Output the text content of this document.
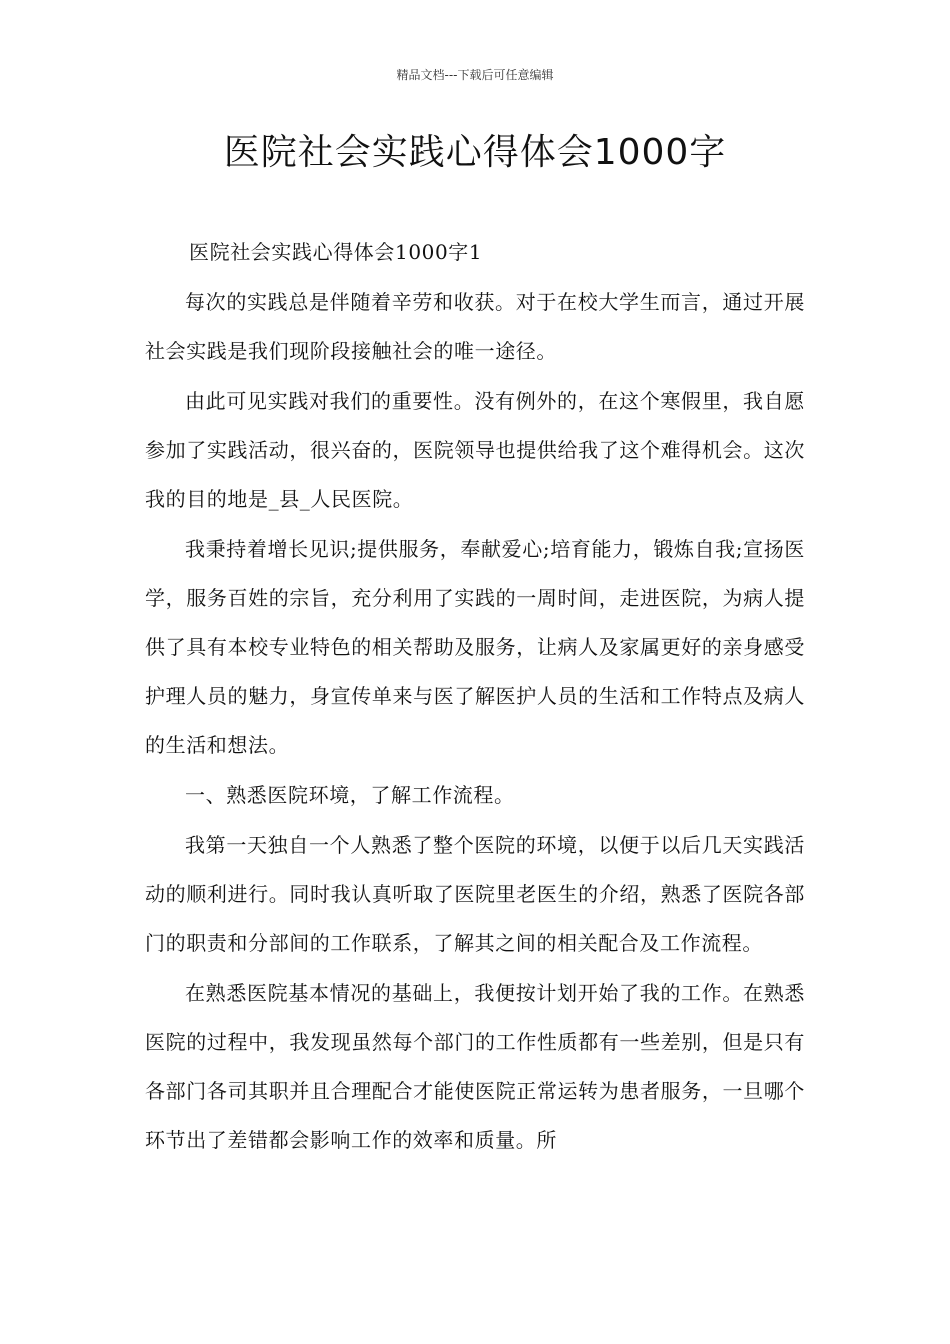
精品文档---下载后可任意编辑
医院社会实践心得体会1000字

医院社会实践心得体会1000字1

每次的实践总是伴随着辛劳和收获。对于在校大学生而言，通过开展社会实践是我们现阶段接触社会的唯一途径。

由此可见实践对我们的重要性。没有例外的，在这个寒假里，我自愿参加了实践活动，很兴奋的，医院领导也提供给我了这个难得机会。这次我的目的地是_县_人民医院。

我秉持着增长见识;提供服务，奉献爱心;培育能力，锻炼自我;宣扬医学，服务百姓的宗旨，充分利用了实践的一周时间，走进医院，为病人提供了具有本校专业特色的相关帮助及服务，让病人及家属更好的亲身感受护理人员的魅力，身宣传单来与医了解医护人员的生活和工作特点及病人的生活和想法。

一、熟悉医院环境，了解工作流程。

我第一天独自一个人熟悉了整个医院的环境，以便于以后几天实践活动的顺利进行。同时我认真听取了医院里老医生的介绍，熟悉了医院各部门的职责和分部间的工作联系，了解其之间的相关配合及工作流程。

在熟悉医院基本情况的基础上，我便按计划开始了我的工作。在熟悉医院的过程中，我发现虽然每个部门的工作性质都有一些差别，但是只有各部门各司其职并且合理配合才能使医院正常运转为患者服务，一旦哪个环节出了差错都会影响工作的效率和质量。所
